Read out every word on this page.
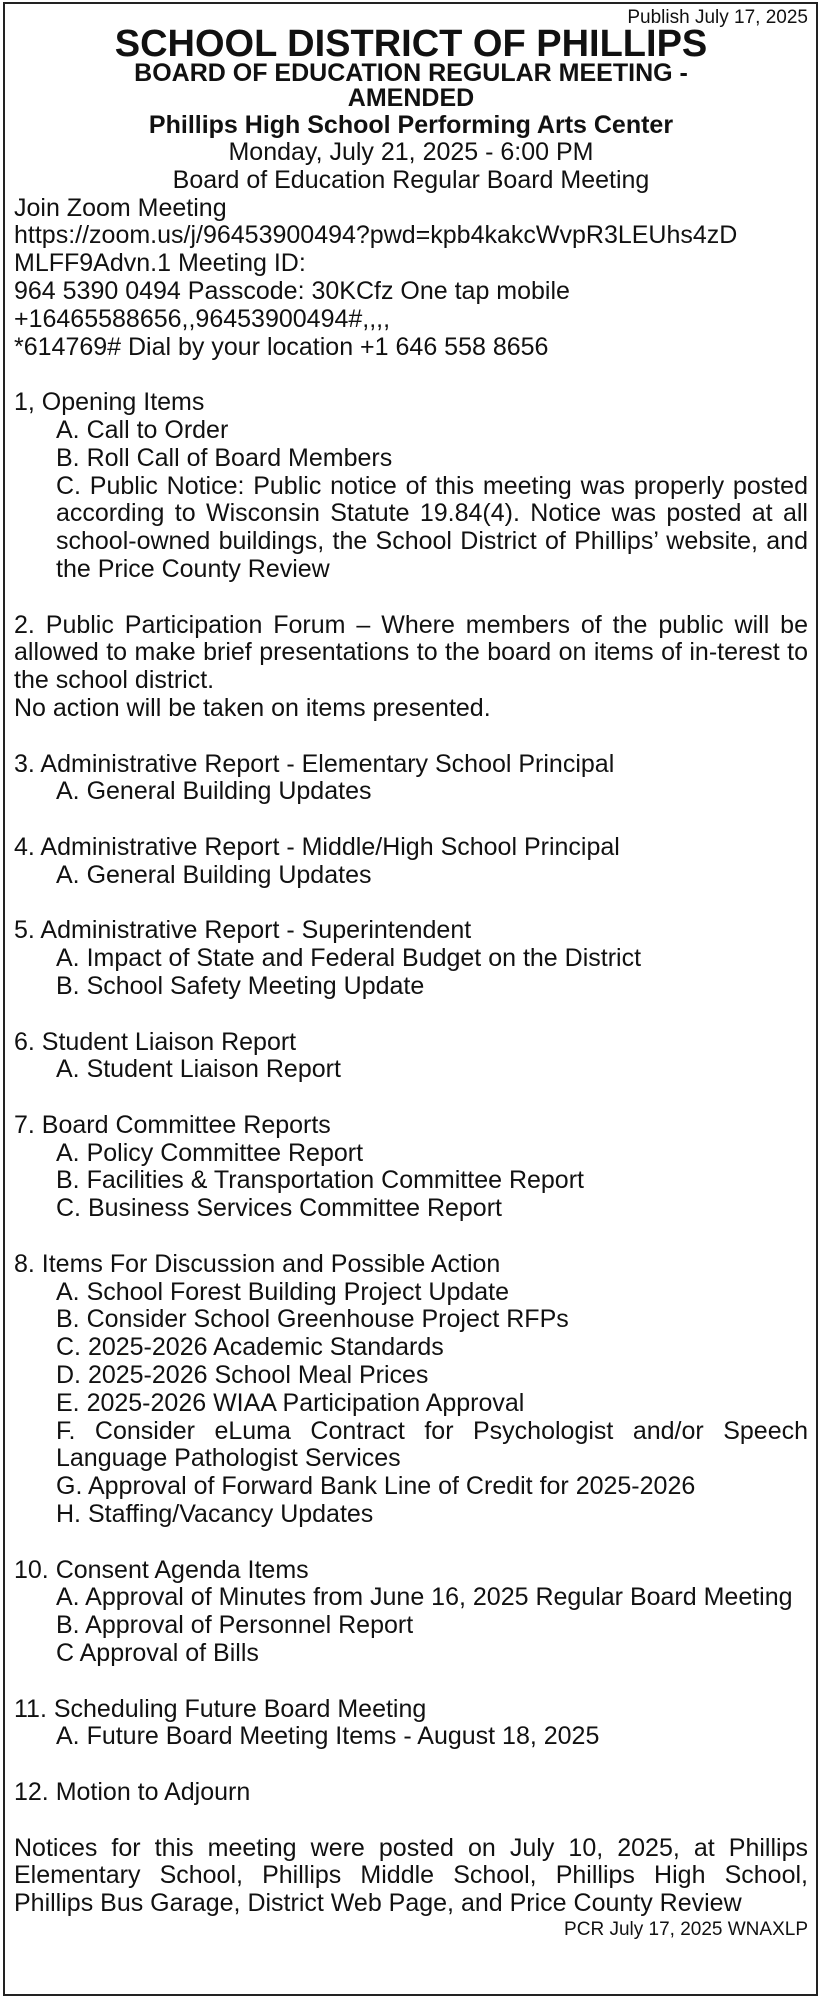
Publish July 17, 2025
SCHOOL DISTRICT OF PHILLIPS
BOARD OF EDUCATION REGULAR MEETING -
AMENDED
Phillips High School Performing Arts Center
Monday, July 21, 2025 - 6:00 PM
Board of Education Regular Board Meeting
Join Zoom Meeting
https://zoom.us/j/96453900494?pwd=kpb4kakcWvpR3LEUhs4zD
MLFF9Advn.1 Meeting ID:
964 5390 0494 Passcode: 30KCfz One tap mobile
+16465588656,,96453900494#,,,,
*614769# Dial by your location +1 646 558 8656
1, Opening Items
A. Call to Order
B. Roll Call of Board Members
C. Public Notice: Public notice of this meeting was properly posted according to Wisconsin Statute 19.84(4). Notice was posted at all school-owned buildings, the School District of Phillips’ website, and the Price County Review
2. Public Participation Forum – Where members of the public will be allowed to make brief presentations to the board on items of in-terest to the school district.
No action will be taken on items presented.
3. Administrative Report - Elementary School Principal
A. General Building Updates
4. Administrative Report - Middle/High School Principal
A. General Building Updates
5. Administrative Report - Superintendent
A. Impact of State and Federal Budget on the District
B. School Safety Meeting Update
6. Student Liaison Report
A. Student Liaison Report
7. Board Committee Reports
A. Policy Committee Report
B. Facilities & Transportation Committee Report
C. Business Services Committee Report
8. Items For Discussion and Possible Action
A. School Forest Building Project Update
B. Consider School Greenhouse Project RFPs
C. 2025-2026 Academic Standards
D. 2025-2026 School Meal Prices
E. 2025-2026 WIAA Participation Approval
F. Consider eLuma Contract for Psychologist and/or Speech Language Pathologist Services
G. Approval of Forward Bank Line of Credit for 2025-2026
H. Staffing/Vacancy Updates
10. Consent Agenda Items
A. Approval of Minutes from June 16, 2025 Regular Board Meeting
B. Approval of Personnel Report
C Approval of Bills
11. Scheduling Future Board Meeting
A. Future Board Meeting Items - August 18, 2025
12. Motion to Adjourn
Notices for this meeting were posted on July 10, 2025, at Phillips Elementary School, Phillips Middle School, Phillips High School, Phillips Bus Garage, District Web Page, and Price County Review
PCR July 17, 2025 WNAXLP
